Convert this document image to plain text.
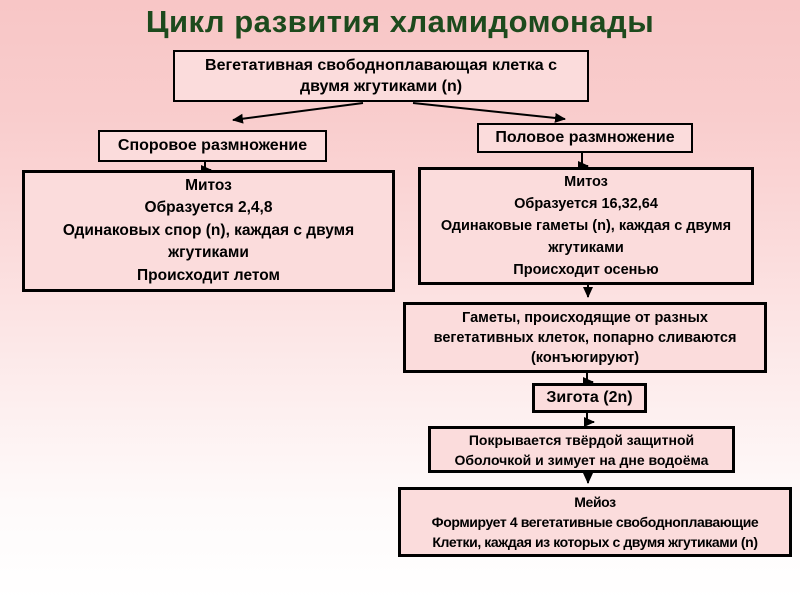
Цикл развития хламидомонады
Вегетативная свободноплавающая клетка с
двумя жгутиками (n)
Споровое размножение	Половое размножение
Митоз
Образуется 2,4,8
Одинаковых спор (n), каждая с двумя
жгутиками
Происходит летом
Митоз
Образуется 16,32,64
Одинаковые гаметы (n), каждая с двумя
жгутиками
Происходит осенью
Гаметы, происходящие от разных
вегетативных клеток, попарно сливаются
(конъюгируют)
Зигота (2n)
Покрывается твёрдой защитной
Оболочкой и зимует на дне водоёма
Мейоз
Формирует 4 вегетативные свободноплавающие
Клетки, каждая из которых с двумя жгутиками (n)
